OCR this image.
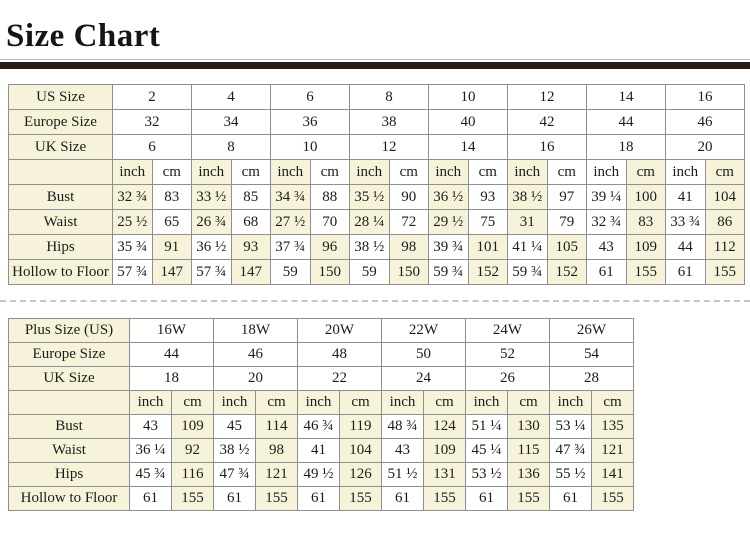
Size Chart
US Size	2		4		6		8		10		12		14		16	
Europe Size	32		34		36		38		40		42		44		46	
UK Size	6		8		10		12		14		16		18		20	
	inch	cm	inch	cm	inch	cm	inch	cm	inch	cm	inch	cm	inch	cm	inch	cm
Bust	32 ¾	83	33 ½	85	34 ¾	88	35 ½	90	36 ½	93	38 ½	97	39 ¼	100	41	104
Waist	25 ½	65	26 ¾	68	27 ½	70	28 ¼	72	29 ½	75	31	79	32 ¾	83	33 ¾	86
Hips	35 ¾	91	36 ½	93	37 ¾	96	38 ½	98	39 ¾	101	41 ¼	105	43	109	44	112
Hollow to Floor	57 ¾	147	57 ¾	147	59	150	59	150	59 ¾	152	59 ¾	152	61	155	61	155
Plus Size (US)	16W		18W		20W		22W		24W		26W	
Europe Size	44		46		48		50		52		54	
UK Size	18		20		22		24		26		28	
	inch	cm	inch	cm	inch	cm	inch	cm	inch	cm	inch	cm
Bust	43	109	45	114	46 ¾	119	48 ¾	124	51 ¼	130	53 ¼	135
Waist	36 ¼	92	38 ½	98	41	104	43	109	45 ¼	115	47 ¾	121
Hips	45 ¾	116	47 ¾	121	49 ½	126	51 ½	131	53 ½	136	55 ½	141
Hollow to Floor	61	155	61	155	61	155	61	155	61	155	61	155
